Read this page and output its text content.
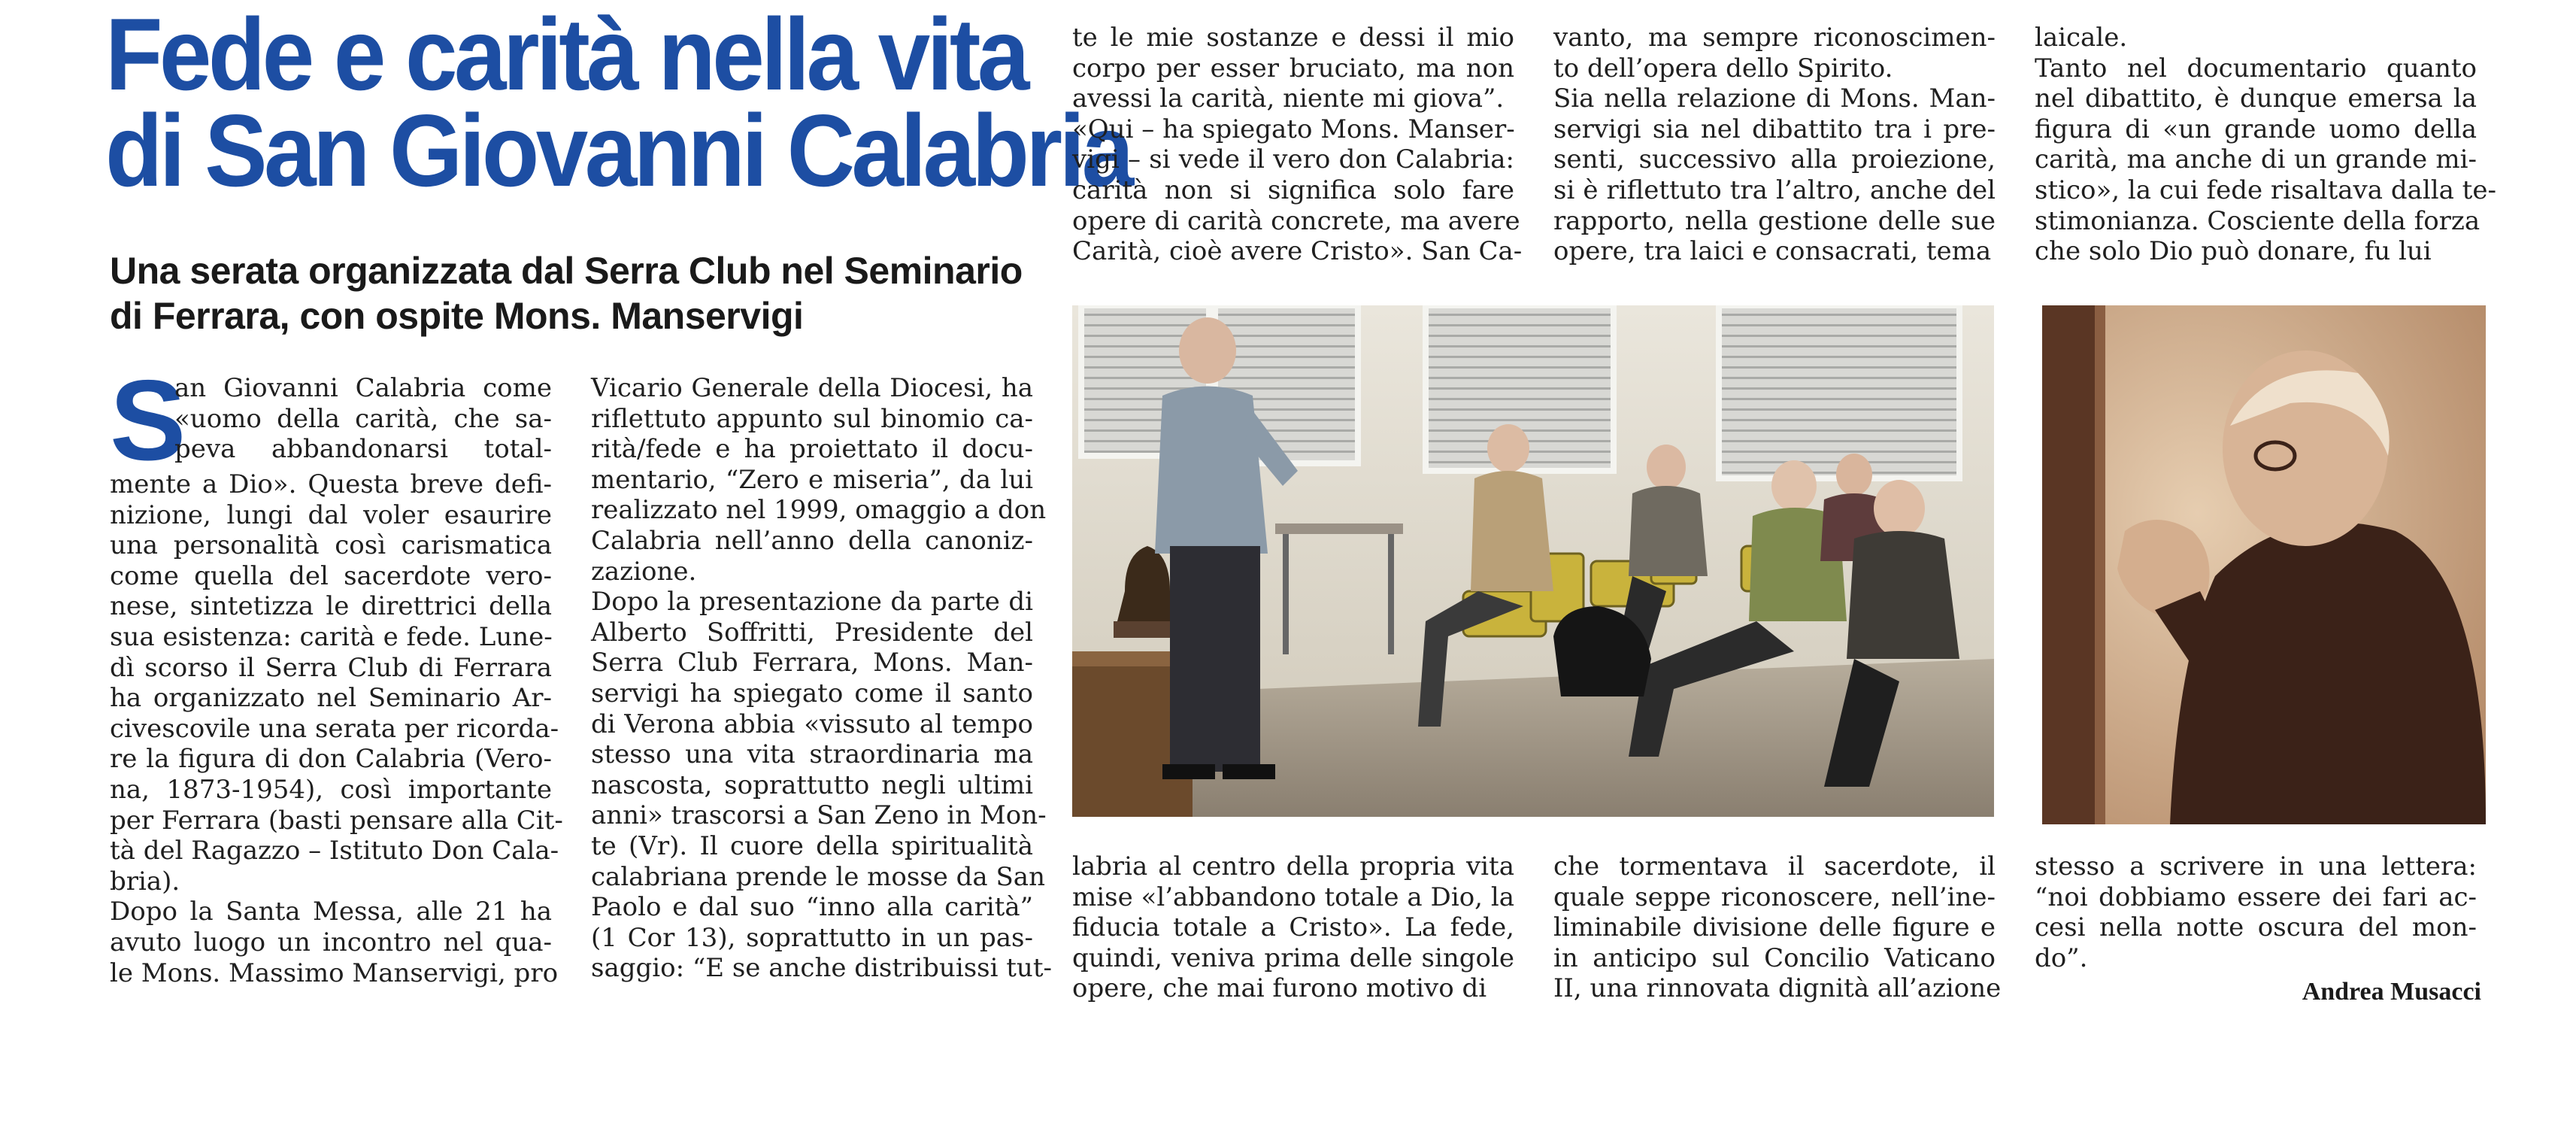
Fede e carità nella vita
di San Giovanni Calabria
Una serata organizzata dal Serra Club nel Seminario
di Ferrara, con ospite Mons. Manservigi
S
an Giovanni Calabria come
«uomo della carità, che sa-
peva abbandonarsi total-
mente a Dio». Questa breve defi-
nizione, lungi dal voler esaurire
una personalità così carismatica
come quella del sacerdote vero-
nese, sintetizza le direttrici della
sua esistenza: carità e fede. Lune-
dì scorso il Serra Club di Ferrara
ha organizzato nel Seminario Ar-
civescovile una serata per ricorda-
re la figura di don Calabria (Vero-
na, 1873-1954), così importante
per Ferrara (basti pensare alla Cit-
tà del Ragazzo – Istituto Don Cala-
bria).
Dopo la Santa Messa, alle 21 ha
avuto luogo un incontro nel qua-
le Mons. Massimo Manservigi, pro
Vicario Generale della Diocesi, ha
riflettuto appunto sul binomio ca-
rità/fede e ha proiettato il docu-
mentario, “Zero e miseria”, da lui
realizzato nel 1999, omaggio a don
Calabria nell’anno della canoniz-
zazione.
Dopo la presentazione da parte di
Alberto Soffritti, Presidente del
Serra Club Ferrara, Mons. Man-
servigi ha spiegato come il santo
di Verona abbia «vissuto al tempo
stesso una vita straordinaria ma
nascosta, soprattutto negli ultimi
anni» trascorsi a San Zeno in Mon-
te (Vr). Il cuore della spiritualità
calabriana prende le mosse da San
Paolo e dal suo “inno alla carità”
(1 Cor 13), soprattutto in un pas-
saggio: “E se anche distribuissi tut-
te le mie sostanze e dessi il mio
corpo per esser bruciato, ma non
avessi la carità, niente mi giova”.
«Qui – ha spiegato Mons. Manser-
vigi – si vede il vero don Calabria:
carità non si significa solo fare
opere di carità concrete, ma avere
Carità, cioè avere Cristo». San Ca-
vanto, ma sempre riconoscimen-
to dell’opera dello Spirito.
Sia nella relazione di Mons. Man-
servigi sia nel dibattito tra i pre-
senti, successivo alla proiezione,
si è riflettuto tra l’altro, anche del
rapporto, nella gestione delle sue
opere, tra laici e consacrati, tema
laicale.
Tanto nel documentario quanto
nel dibattito, è dunque emersa la
figura di «un grande uomo della
carità, ma anche di un grande mi-
stico», la cui fede risaltava dalla te-
stimonianza. Cosciente della forza
che solo Dio può donare, fu lui
labria al centro della propria vita
mise «l’abbandono totale a Dio, la
fiducia totale a Cristo». La fede,
quindi, veniva prima delle singole
opere, che mai furono motivo di
che tormentava il sacerdote, il
quale seppe riconoscere, nell’ine-
liminabile divisione delle figure e
in anticipo sul Concilio Vaticano
II, una rinnovata dignità all’azione
stesso a scrivere in una lettera:
“noi dobbiamo essere dei fari ac-
cesi nella notte oscura del mon-
do”.
Andrea Musacci
